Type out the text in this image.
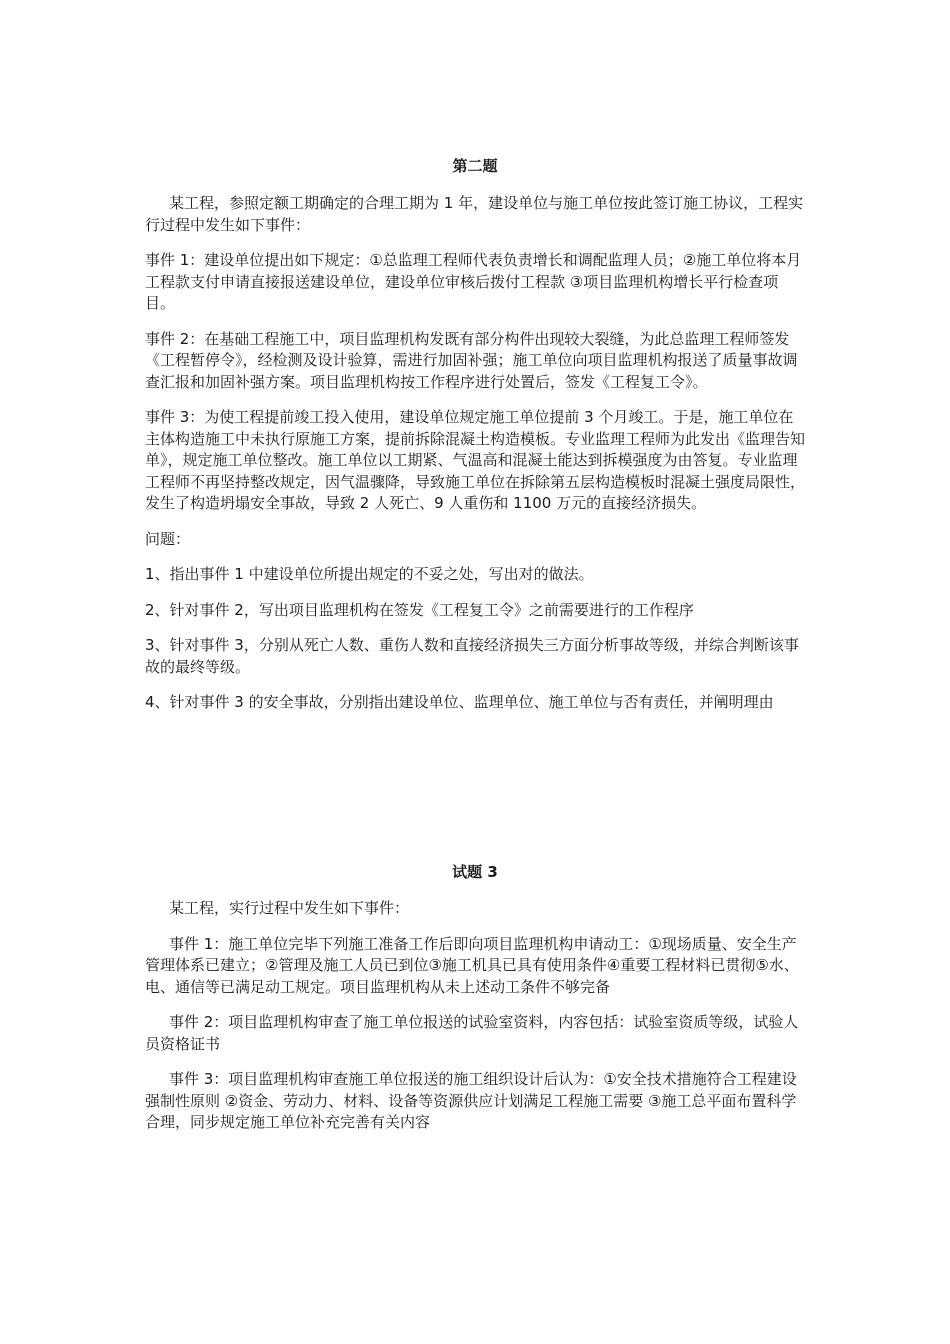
第二题

某工程，参照定额工期确定的合理工期为 1 年，建设单位与施工单位按此签订施工协议，工程实行过程中发生如下事件：

事件 1：建设单位提出如下规定：①总监理工程师代表负责增长和调配监理人员；②施工单位将本月工程款支付申请直接报送建设单位，建设单位审核后拨付工程款 ③项目监理机构增长平行检查项目。

事件 2：在基础工程施工中，项目监理机构发既有部分构件出现较大裂缝，为此总监理工程师签发《工程暂停令》，经检测及设计验算，需进行加固补强；施工单位向项目监理机构报送了质量事故调查汇报和加固补强方案。项目监理机构按工作程序进行处置后，签发《工程复工令》。

事件 3：为使工程提前竣工投入使用，建设单位规定施工单位提前 3 个月竣工。于是，施工单位在主体构造施工中未执行原施工方案，提前拆除混凝土构造模板。专业监理工程师为此发出《监理告知单》，规定施工单位整改。施工单位以工期紧、气温高和混凝土能达到拆模强度为由答复。专业监理工程师不再坚持整改规定，因气温骤降，导致施工单位在拆除第五层构造模板时混凝土强度局限性，发生了构造坍塌安全事故，导致 2 人死亡、9 人重伤和 1100 万元的直接经济损失。

问题：

1、指出事件 1 中建设单位所提出规定的不妥之处，写出对的做法。

2、针对事件 2，写出项目监理机构在签发《工程复工令》之前需要进行的工作程序

3、针对事件 3，分别从死亡人数、重伤人数和直接经济损失三方面分析事故等级，并综合判断该事故的最终等级。

4、针对事件 3 的安全事故，分别指出建设单位、监理单位、施工单位与否有责任，并阐明理由

试题 3

某工程，实行过程中发生如下事件：

事件 1：施工单位完毕下列施工准备工作后即向项目监理机构申请动工：①现场质量、安全生产管理体系已建立；②管理及施工人员已到位③施工机具已具有使用条件④重要工程材料已贯彻⑤水、电、通信等已满足动工规定。项目监理机构从未上述动工条件不够完备

事件 2：项目监理机构审查了施工单位报送的试验室资料，内容包括：试验室资质等级，试验人员资格证书

事件 3：项目监理机构审查施工单位报送的施工组织设计后认为：①安全技术措施符合工程建设强制性原则 ②资金、劳动力、材料、设备等资源供应计划满足工程施工需要 ③施工总平面布置科学合理，同步规定施工单位补充完善有关内容
